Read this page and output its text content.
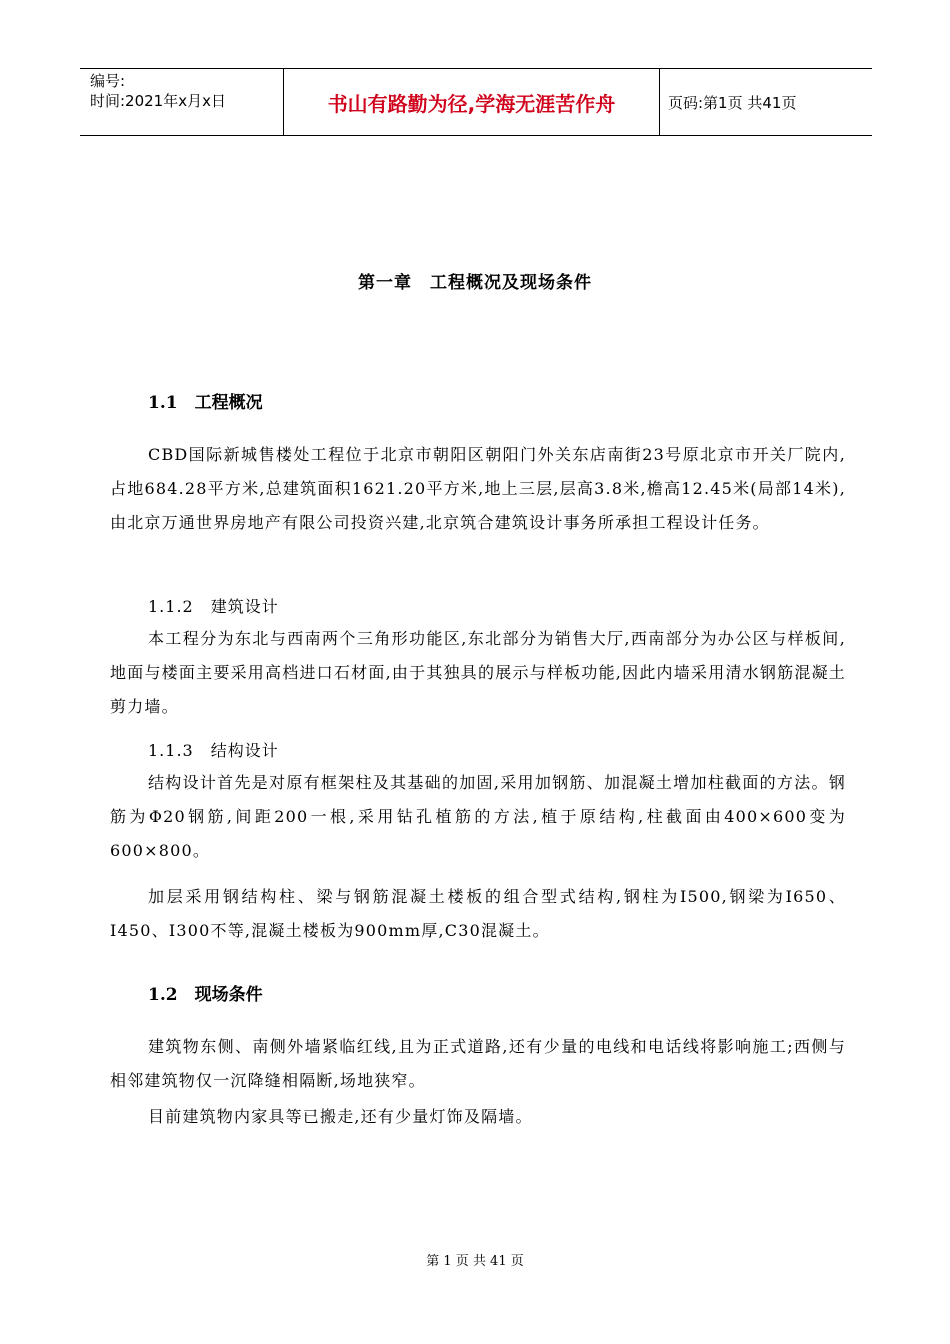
编号:
时间:2021年x月x日	书山有路勤为径,学海无涯苦作舟	页码:第1页 共41页
第一章　工程概况及现场条件
1.1　工程概况
CBD国际新城售楼处工程位于北京市朝阳区朝阳门外关东店南街23号原北京市开关厂院内,占地684.28平方米,总建筑面积1621.20平方米,地上三层,层高3.8米,檐高12.45米(局部14米),由北京万通世界房地产有限公司投资兴建,北京筑合建筑设计事务所承担工程设计任务。
1.1.2　建筑设计
本工程分为东北与西南两个三角形功能区,东北部分为销售大厅,西南部分为办公区与样板间,地面与楼面主要采用高档进口石材面,由于其独具的展示与样板功能,因此内墙采用清水钢筋混凝土剪力墙。
1.1.3　结构设计
结构设计首先是对原有框架柱及其基础的加固,采用加钢筋、加混凝土增加柱截面的方法。钢筋为Φ20钢筋,间距200一根,采用钻孔植筋的方法,植于原结构,柱截面由400×600变为600×800。
加层采用钢结构柱、梁与钢筋混凝土楼板的组合型式结构,钢柱为I500,钢梁为I650、I450、I300不等,混凝土楼板为900mm厚,C30混凝土。
1.2　现场条件
建筑物东侧、南侧外墙紧临红线,且为正式道路,还有少量的电线和电话线将影响施工;西侧与相邻建筑物仅一沉降缝相隔断,场地狭窄。
目前建筑物内家具等已搬走,还有少量灯饰及隔墙。
第 1 页 共 41 页
